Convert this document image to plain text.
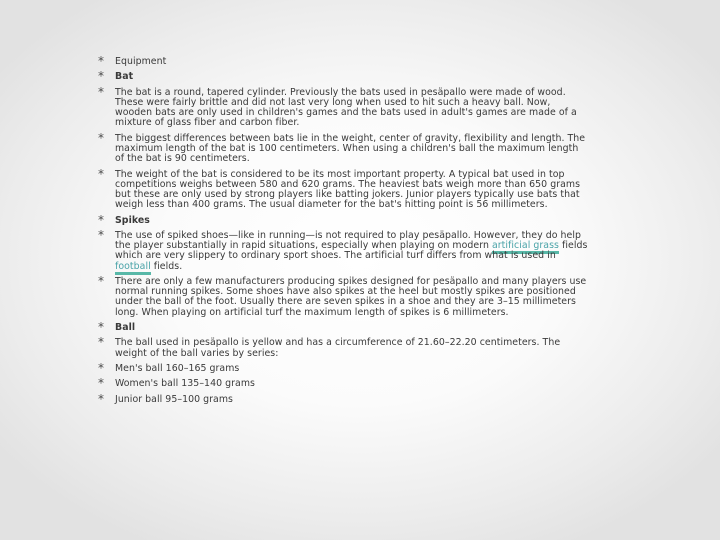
* Equipment
* Bat
* The bat is a round, tapered cylinder. Previously the bats used in pesäpallo were made of wood. These were fairly brittle and did not last very long when used to hit such a heavy ball. Now, wooden bats are only used in children's games and the bats used in adult's games are made of a mixture of glass fiber and carbon fiber.
* The biggest differences between bats lie in the weight, center of gravity, flexibility and length. The maximum length of the bat is 100 centimeters. When using a children's ball the maximum length of the bat is 90 centimeters.
* The weight of the bat is considered to be its most important property. A typical bat used in top competitions weighs between 580 and 620 grams. The heaviest bats weigh more than 650 grams but these are only used by strong players like batting jokers. Junior players typically use bats that weigh less than 400 grams. The usual diameter for the bat's hitting point is 56 millimeters.
* Spikes
* The use of spiked shoes—like in running—is not required to play pesäpallo. However, they do help the player substantially in rapid situations, especially when playing on modern artificial grass fields which are very slippery to ordinary sport shoes. The artificial turf differs from what is used in football fields.
* There are only a few manufacturers producing spikes designed for pesäpallo and many players use normal running spikes. Some shoes have also spikes at the heel but mostly spikes are positioned under the ball of the foot. Usually there are seven spikes in a shoe and they are 3–15 millimeters long. When playing on artificial turf the maximum length of spikes is 6 millimeters.
* Ball
* The ball used in pesäpallo is yellow and has a circumference of 21.60–22.20 centimeters. The weight of the ball varies by series:
* Men's ball 160–165 grams
* Women's ball 135–140 grams
* Junior ball 95–100 grams
